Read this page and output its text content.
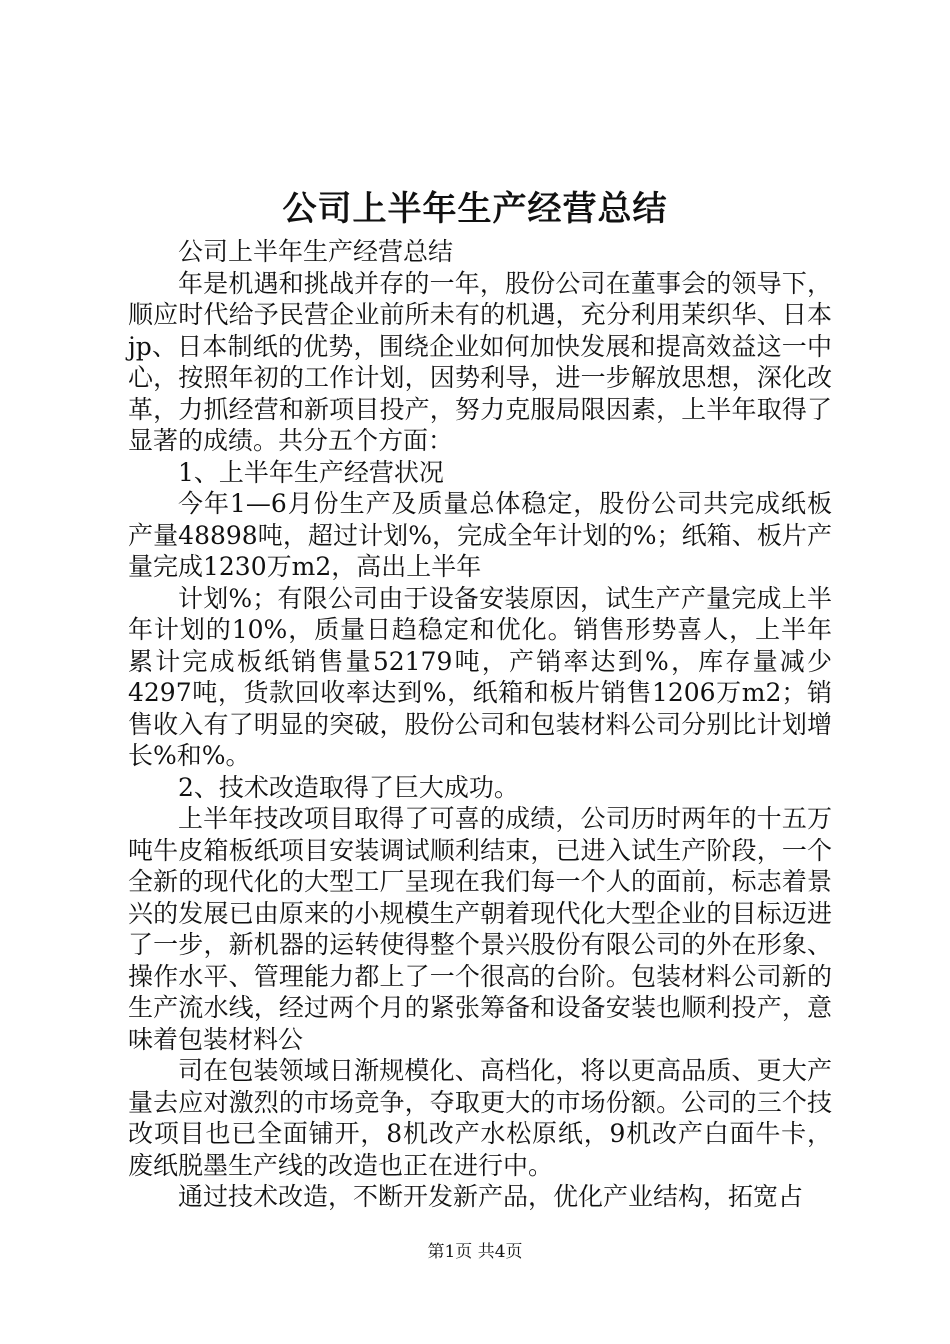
公司上半年生产经营总结

公司上半年生产经营总结

年是机遇和挑战并存的一年，股份公司在董事会的领导下，顺应时代给予民营企业前所未有的机遇，充分利用茉织华、日本jp、日本制纸的优势，围绕企业如何加快发展和提高效益这一中心，按照年初的工作计划，因势利导，进一步解放思想，深化改革，力抓经营和新项目投产，努力克服局限因素，上半年取得了显著的成绩。共分五个方面：

1、上半年生产经营状况

今年1—6月份生产及质量总体稳定，股份公司共完成纸板产量48898吨，超过计划%，完成全年计划的%；纸箱、板片产量完成1230万m2，高出上半年

计划%；有限公司由于设备安装原因，试生产产量完成上半年计划的10%，质量日趋稳定和优化。销售形势喜人，上半年累计完成板纸销售量52179吨，产销率达到%，库存量减少4297吨，货款回收率达到%，纸箱和板片销售1206万m2；销售收入有了明显的突破，股份公司和包装材料公司分别比计划增长%和%。

2、技术改造取得了巨大成功。

上半年技改项目取得了可喜的成绩，公司历时两年的十五万吨牛皮箱板纸项目安装调试顺利结束，已进入试生产阶段，一个全新的现代化的大型工厂呈现在我们每一个人的面前，标志着景兴的发展已由原来的小规模生产朝着现代化大型企业的目标迈进了一步，新机器的运转使得整个景兴股份有限公司的外在形象、操作水平、管理能力都上了一个很高的台阶。包装材料公司新的生产流水线，经过两个月的紧张筹备和设备安装也顺利投产，意味着包装材料公

司在包装领域日渐规模化、高档化，将以更高品质、更大产量去应对激烈的市场竞争，夺取更大的市场份额。公司的三个技改项目也已全面铺开，8机改产水松原纸，9机改产白面牛卡，废纸脱墨生产线的改造也正在进行中。

通过技术改造，不断开发新产品，优化产业结构，拓宽占

第1页 共4页
